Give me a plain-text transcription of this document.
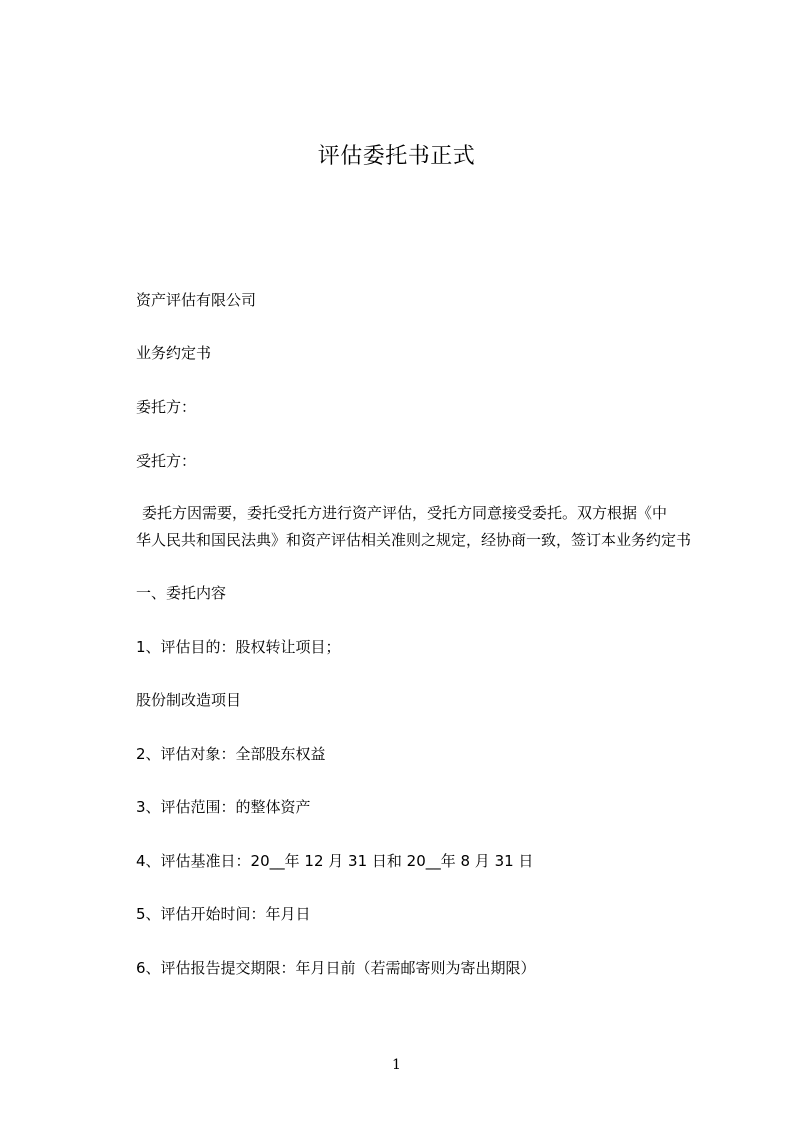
评估委托书正式
资产评估有限公司
业务约定书
委托方：
受托方：
委托方因需要，委托受托方进行资产评估，受托方同意接受委托。双方根据《中
华人民共和国民法典》和资产评估相关准则之规定，经协商一致，签订本业务约定书
一、委托内容
1、评估目的：股权转让项目；
股份制改造项目
2、评估对象：全部股东权益
3、评估范围：的整体资产
4、评估基准日：20__年 12 月 31 日和 20__年 8 月 31 日
5、评估开始时间：年月日
6、评估报告提交期限：年月日前（若需邮寄则为寄出期限）
1
